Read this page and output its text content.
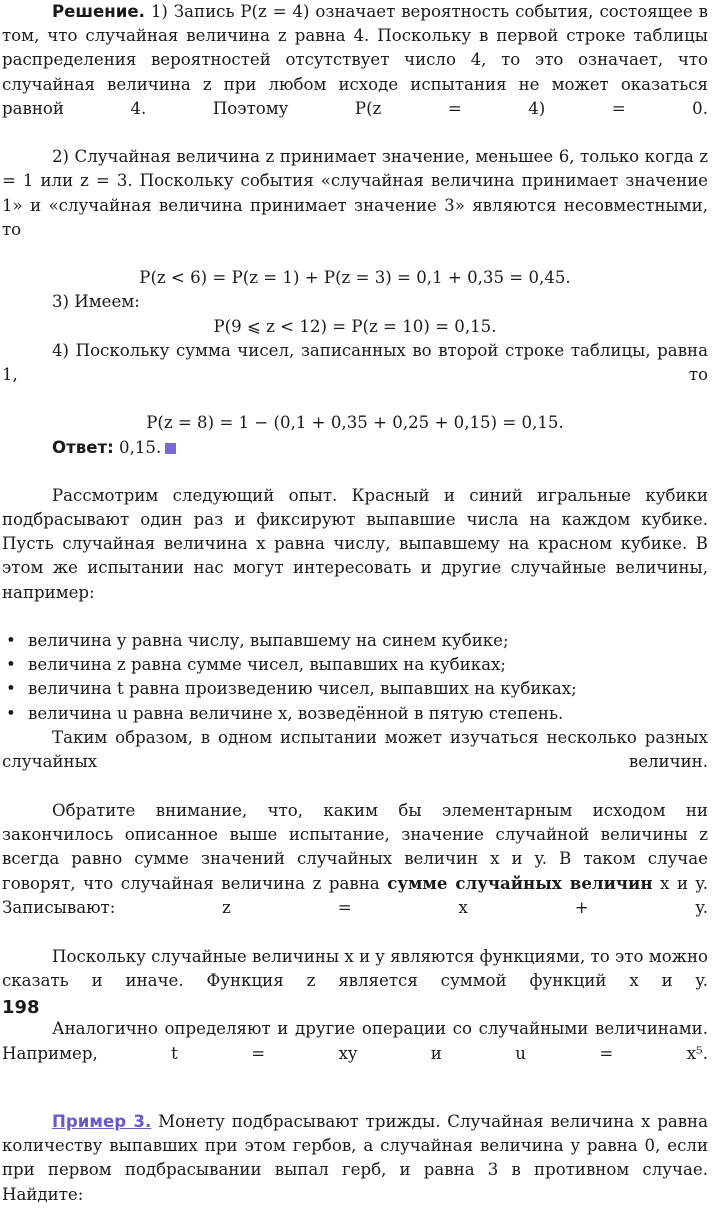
Решение. 1) Запись P(z = 4) означает вероятность события, состоящее в том, что случайная величина z равна 4. Поскольку в первой строке таблицы распределения вероятностей отсутствует число 4, то это означает, что случайная величина z при любом исходе испытания не может оказаться равной 4. Поэтому P(z = 4) = 0.

2) Случайная величина z принимает значение, меньшее 6, только когда z = 1 или z = 3. Поскольку события «случайная величина принимает значение 1» и «случайная величина принимает значение 3» являются несовместными, то

P(z < 6) = P(z = 1) + P(z = 3) = 0,1 + 0,35 = 0,45.

3) Имеем:

P(9 ⩽ z < 12) = P(z = 10) = 0,15.

4) Поскольку сумма чисел, записанных во второй строке таблицы, равна 1, то

P(z = 8) = 1 − (0,1 + 0,35 + 0,25 + 0,15) = 0,15.

Ответ: 0,15.

Рассмотрим следующий опыт. Красный и синий игральные кубики подбрасывают один раз и фиксируют выпавшие числа на каждом кубике. Пусть случайная величина x равна числу, выпавшему на красном кубике. В этом же испытании нас могут интересовать и другие случайные величины, например:

• величина y равна числу, выпавшему на синем кубике;
• величина z равна сумме чисел, выпавших на кубиках;
• величина t равна произведению чисел, выпавших на кубиках;
• величина u равна величине x, возведённой в пятую степень.

Таким образом, в одном испытании может изучаться несколько разных случайных величин.

Обратите внимание, что, каким бы элементарным исходом ни закончилось описанное выше испытание, значение случайной величины z всегда равно сумме значений случайных величин x и y. В таком случае говорят, что случайная величина z равна сумме случайных величин x и y. Записывают: z = x + y.

Поскольку случайные величины x и y являются функциями, то это можно сказать и иначе. Функция z является суммой функций x и y.

Аналогично определяют и другие операции со случайными величинами. Например, t = xy и u = x⁵.

Пример 3. Монету подбрасывают трижды. Случайная величина x равна количеству выпавших при этом гербов, а случайная величина y равна 0, если при первом подбрасывании выпал герб, и равна 3 в противном случае. Найдите:

198
